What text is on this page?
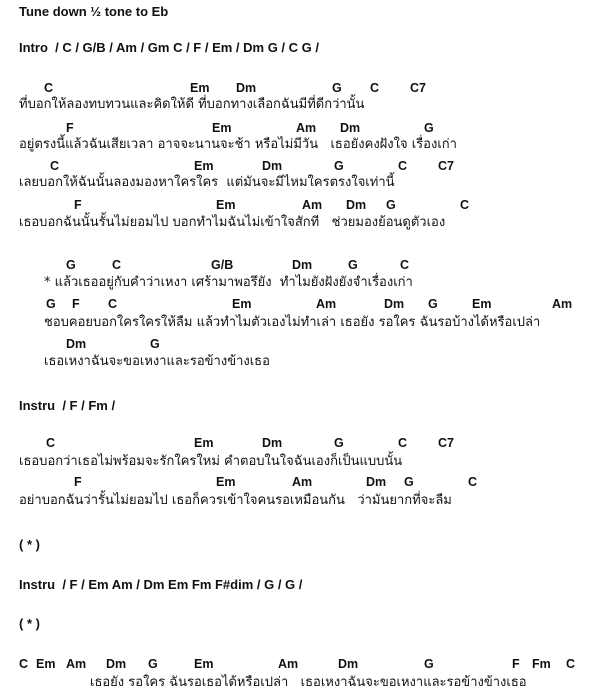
Tune down ½ tone to Eb
Intro  / C / G/B / Am / Gm C / F / Em / Dm G / C G /
C	Em Dm	G C C7
ที่บอกให้ลองทบทวนและคิดให้ดี ที่บอกทางเลือกฉันมีที่ดีกว่านั้น
F	Em	Am Dm	G
อยู่ตรงนี้แล้วฉันเสียเวลา อาจจะนานจะช้า หรือไม่มีวัน   เธอยังคงฝังใจ เรื่องเก่า
C	Em	Dm	G	C C7
เลยบอกให้ฉันนั้นลองมองหาใครใคร  แต่มันจะมีไหมใครตรงใจเท่านี้
F	Em	Am Dm G	C
เธอบอกฉันนั้นรั้นไม่ยอมไป บอกทำไมฉันไม่เข้าใจสักที   ช่วยมองย้อนดูตัวเอง
G	C	G/B	Dm	G	C
* แล้วเธออยู่กับคำว่าเหงา เศร้ามาพอรึยัง  ทำไมยังฝังยังจำเรื่องเก่า
G F C	Em	Am	Dm G	Em	Am
ชอบคอยบอกใครใครให้ลืม แล้วทำไมตัวเองไม่ทำเล่า เธอยัง รอใคร ฉันรอบ้างได้หรือเปล่า
Dm	G
เธอเหงาฉันจะขอเหงาและรอข้างข้างเธอ
Instru  / F / Fm /
C	Em	Dm	G	C C7
เธอบอกว่าเธอไม่พร้อมจะรักใครใหม่ คำตอบในใจฉันเองก็เป็นแบบนั้น
F	Em	Am	Dm G	C
อย่าบอกฉันว่ารั้นไม่ยอมไป เธอก็ควรเข้าใจคนรอเหมือนกัน   ว่ามันยากที่จะลืม
( * )
Instru  / F / Em Am / Dm Em Fm F#dim / G / G /
( * )
C Em Am Dm G	Em	Am	Dm	G	F Fm C
เธอยัง รอใคร ฉันรอเธอได้หรือเปล่า   เธอเหงาฉันจะขอเหงาและรอข้างข้างเธอ
